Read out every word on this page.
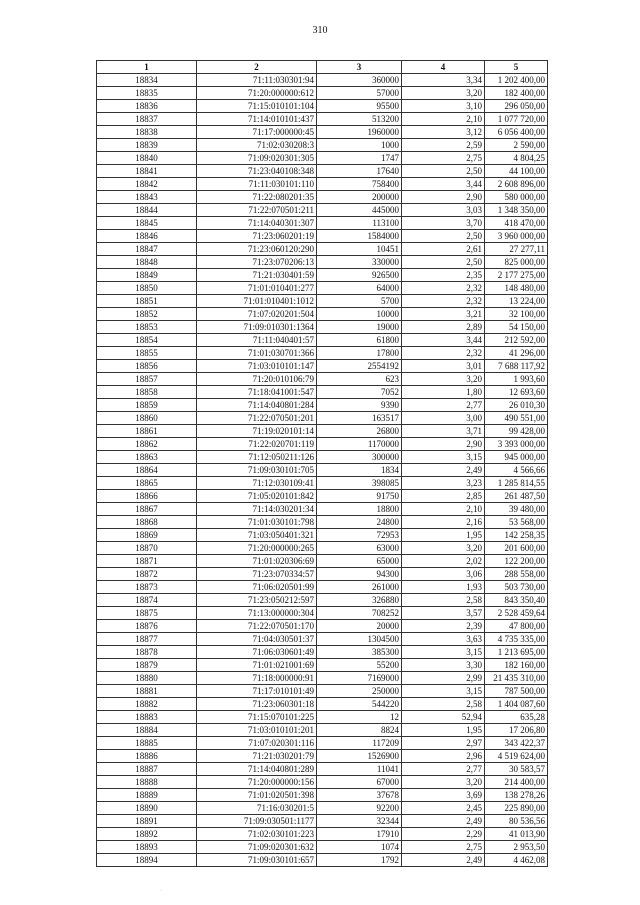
310
1	2	3	4	5
18834	71:11:030301:94	360000	3,34	1 202 400,00
18835	71:20:000000:612	57000	3,20	182 400,00
18836	71:15:010101:104	95500	3,10	296 050,00
18837	71:14:010101:437	513200	2,10	1 077 720,00
18838	71:17:000000:45	1960000	3,12	6 056 400,00
18839	71:02:030208:3	1000	2,59	2 590,00
18840	71:09:020301:305	1747	2,75	4 804,25
18841	71:23:040108:348	17640	2,50	44 100,00
18842	71:11:030101:110	758400	3,44	2 608 896,00
18843	71:22:080201:35	200000	2,90	580 000,00
18844	71:22:070501:211	445000	3,03	1 348 350,00
18845	71:14:040301:307	113100	3,70	418 470,00
18846	71:23:060201:19	1584000	2,50	3 960 000,00
18847	71:23:060120:290	10451	2,61	27 277,11
18848	71:23:070206:13	330000	2,50	825 000,00
18849	71:21:030401:59	926500	2,35	2 177 275,00
18850	71:01:010401:277	64000	2,32	148 480,00
18851	71:01:010401:1012	5700	2,32	13 224,00
18852	71:07:020201:504	10000	3,21	32 100,00
18853	71:09:010301:1364	19000	2,89	54 150,00
18854	71:11:040401:57	61800	3,44	212 592,00
18855	71:01:030701:366	17800	2,32	41 296,00
18856	71:03:010101:147	2554192	3,01	7 688 117,92
18857	71:20:010106:79	623	3,20	1 993,60
18858	71:18:041001:547	7052	1,80	12 693,60
18859	71:14:040801:284	9390	2,77	26 010,30
18860	71:22:070501:201	163517	3,00	490 551,00
18861	71:19:020101:14	26800	3,71	99 428,00
18862	71:22:020701:119	1170000	2,90	3 393 000,00
18863	71:12:050211:126	300000	3,15	945 000,00
18864	71:09:030101:705	1834	2,49	4 566,66
18865	71:12:030109:41	398085	3,23	1 285 814,55
18866	71:05:020101:842	91750	2,85	261 487,50
18867	71:14:030201:34	18800	2,10	39 480,00
18868	71:01:030101:798	24800	2,16	53 568,00
18869	71:03:050401:321	72953	1,95	142 258,35
18870	71:20:000000:265	63000	3,20	201 600,00
18871	71:01:020306:69	65000	2,02	122 200,00
18872	71:23:070334:57	94300	3,06	288 558,00
18873	71:06:020501:99	261000	1,93	503 730,00
18874	71:23:050212:597	326880	2,58	843 350,40
18875	71:13:000000:304	708252	3,57	2 528 459,64
18876	71:22:070501:170	20000	2,39	47 800,00
18877	71:04:030501:37	1304500	3,63	4 735 335,00
18878	71:06:030601:49	385300	3,15	1 213 695,00
18879	71:01:021001:69	55200	3,30	182 160,00
18880	71:18:000000:91	7169000	2,99	21 435 310,00
18881	71:17:010101:49	250000	3,15	787 500,00
18882	71:23:060301:18	544220	2,58	1 404 087,60
18883	71:15:070101:225	12	52,94	635,28
18884	71:03:010101:201	8824	1,95	17 206,80
18885	71:07:020301:116	117209	2,97	343 422,37
18886	71:21:030201:79	1526900	2,96	4 519 624,00
18887	71:14:040801:289	11041	2,77	30 583,57
18888	71:20:000000:156	67000	3,20	214 400,00
18889	71:01:020501:398	37678	3,69	138 278,26
18890	71:16:030201:5	92200	2,45	225 890,00
18891	71:09:030501:1177	32344	2,49	80 536,56
18892	71:02:030101:223	17910	2,29	41 013,90
18893	71:09:020301:632	1074	2,75	2 953,50
18894	71:09:030101:657	1792	2,49	4 462,08
·
